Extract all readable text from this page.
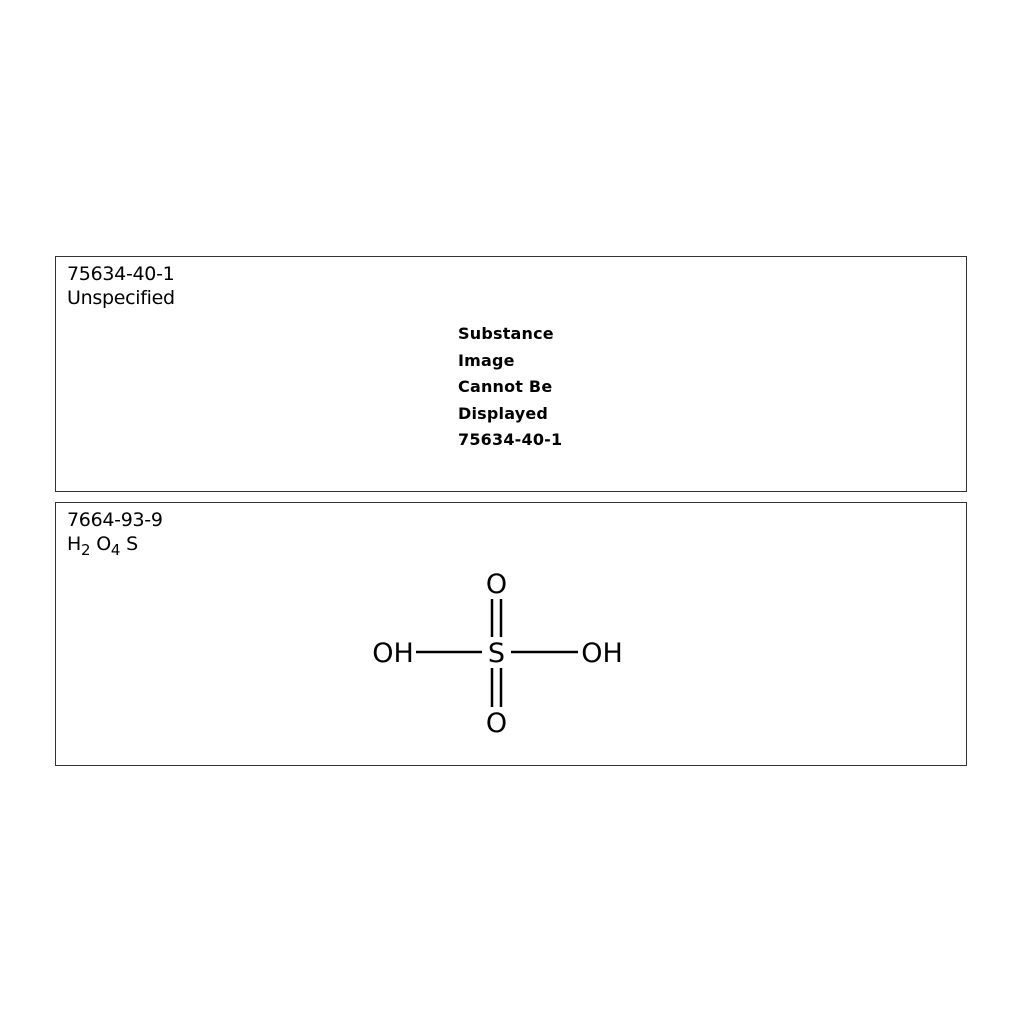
75634-40-1
Unspecified
Substance
Image
Cannot Be
Displayed
75634-40-1
7664-93-9
$H_2$ $O_4$ S
S
O
O
OH	OH
